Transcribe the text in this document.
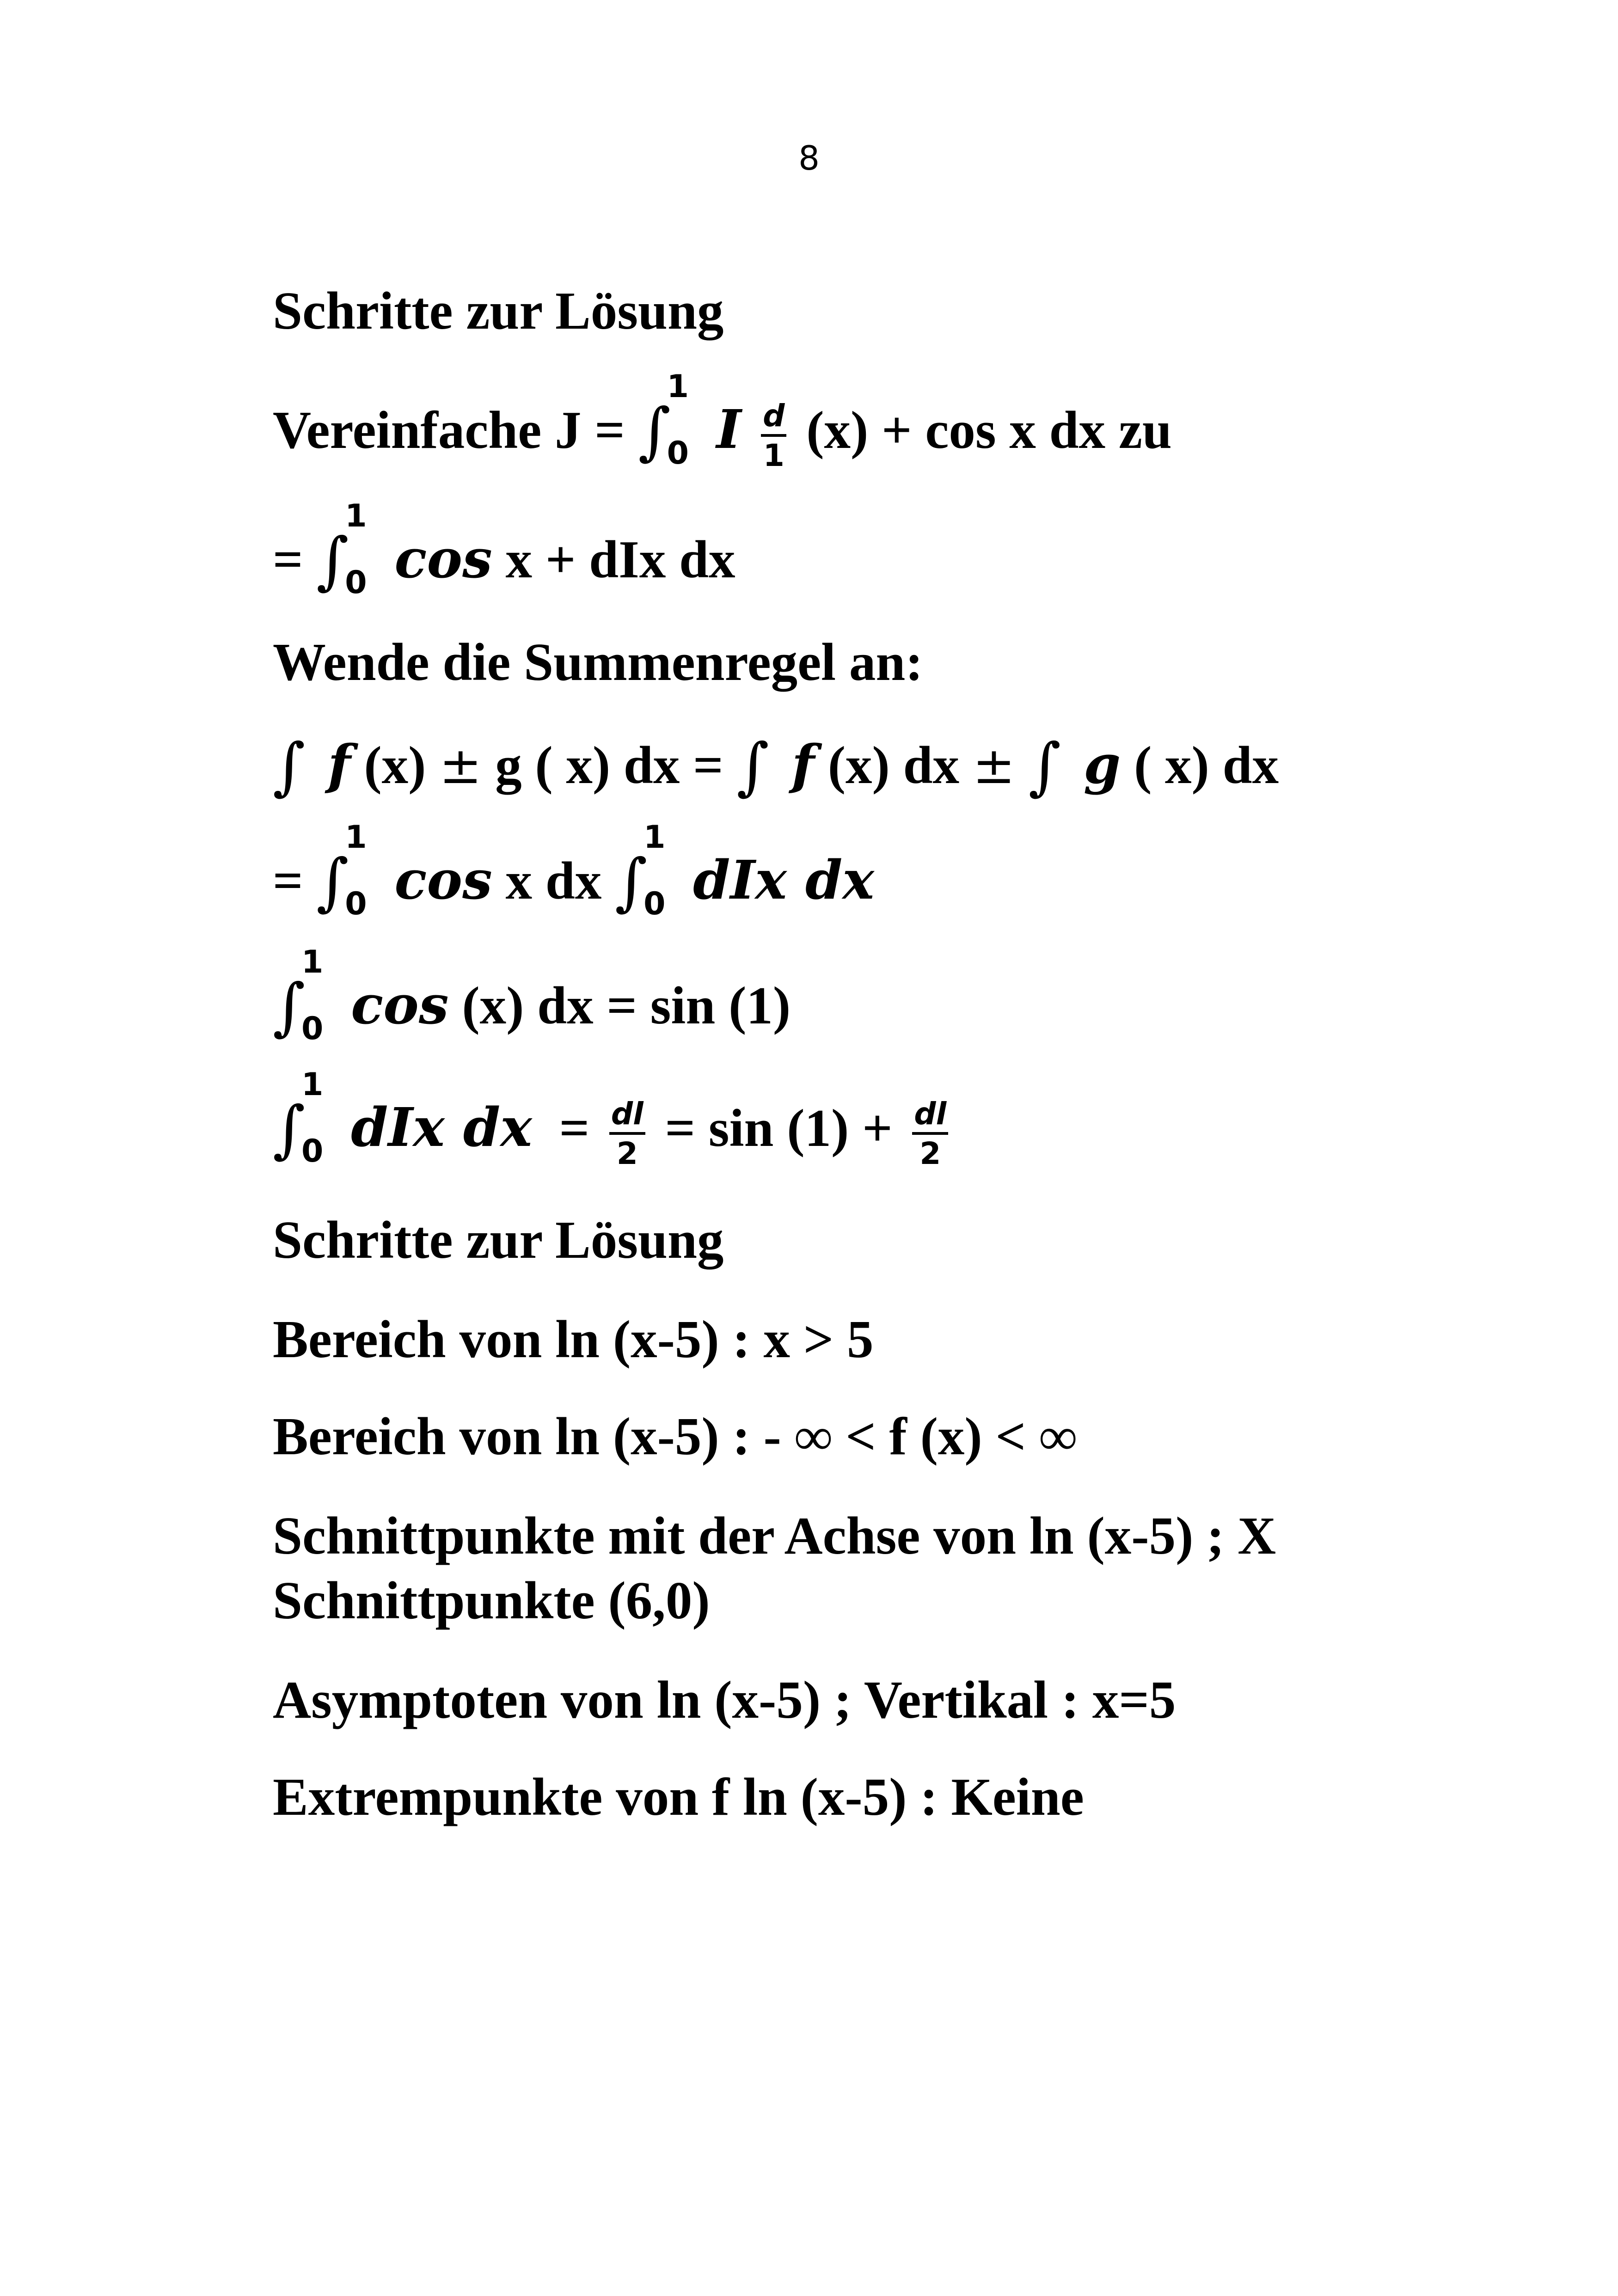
8
Schritte zur Lösung
Vereinfache J = ∫
1
0 I $\frac{d}{1} (x) + \cos x$ dx zu
= ∫
1
0 cos x + dIx dx
Wende die Summenregel an:
∫ f (x) ± g ( x) dx = ∫ f (x) dx ± ∫ g ( x) dx
= ∫
1
0 cos x dx ∫
1
0 dIx dx
∫
1
0 cos (x) dx = sin (1)
∫
1
0 dIx dx = $\frac{dl}{2} = \sin (1) + \frac{dl}{2}$
Schritte zur Lösung
Bereich von ln (x-5) : x > 5
Bereich von ln (x-5) : - ∞ < f (x) < ∞
Schnittpunkte mit der Achse von ln (x-5) ; X
Schnittpunkte (6,0)
Asymptoten von ln (x-5) ; Vertikal : x=5
Extrempunkte von f ln (x-5) : Keine
